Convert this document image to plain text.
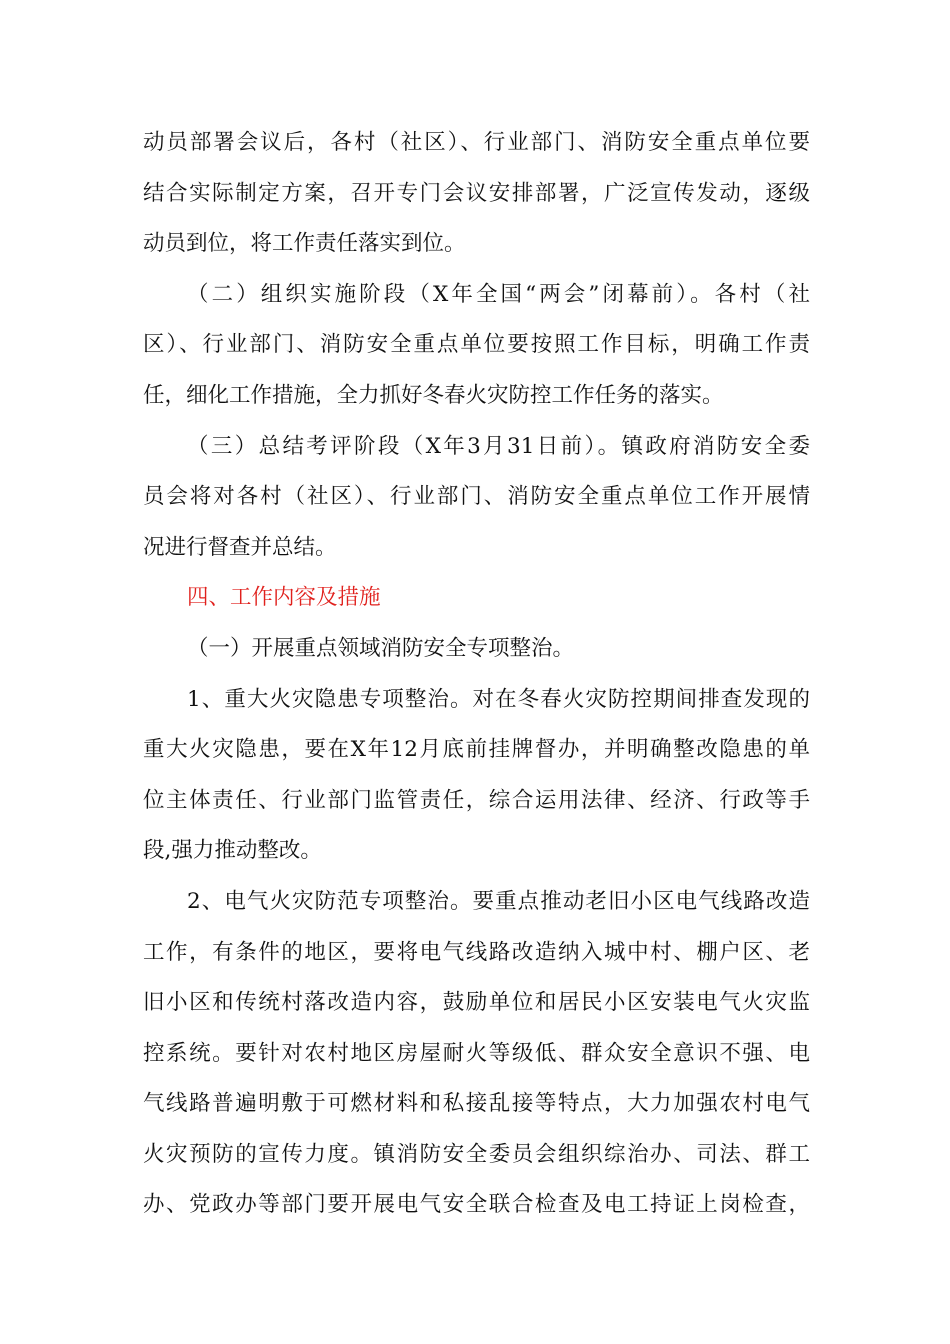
动员部署会议后，各村（社区）、行业部门、消防安全重点单位要
结合实际制定方案，召开专门会议安排部署，广泛宣传发动，逐级
动员到位，将工作责任落实到位。
（二）组织实施阶段（X年全国“两会”闭幕前）。各村（社
区）、行业部门、消防安全重点单位要按照工作目标，明确工作责
任，细化工作措施，全力抓好冬春火灾防控工作任务的落实。
（三）总结考评阶段（X年3月31日前）。镇政府消防安全委
员会将对各村（社区）、行业部门、消防安全重点单位工作开展情
况进行督查并总结。
四、工作内容及措施
（一）开展重点领域消防安全专项整治。
1、重大火灾隐患专项整治。对在冬春火灾防控期间排查发现的
重大火灾隐患，要在X年12月底前挂牌督办，并明确整改隐患的单
位主体责任、行业部门监管责任，综合运用法律、经济、行政等手
段,强力推动整改。
2、电气火灾防范专项整治。要重点推动老旧小区电气线路改造
工作，有条件的地区，要将电气线路改造纳入城中村、棚户区、老
旧小区和传统村落改造内容，鼓励单位和居民小区安装电气火灾监
控系统。要针对农村地区房屋耐火等级低、群众安全意识不强、电
气线路普遍明敷于可燃材料和私接乱接等特点，大力加强农村电气
火灾预防的宣传力度。镇消防安全委员会组织综治办、司法、群工
办、党政办等部门要开展电气安全联合检查及电工持证上岗检查，
